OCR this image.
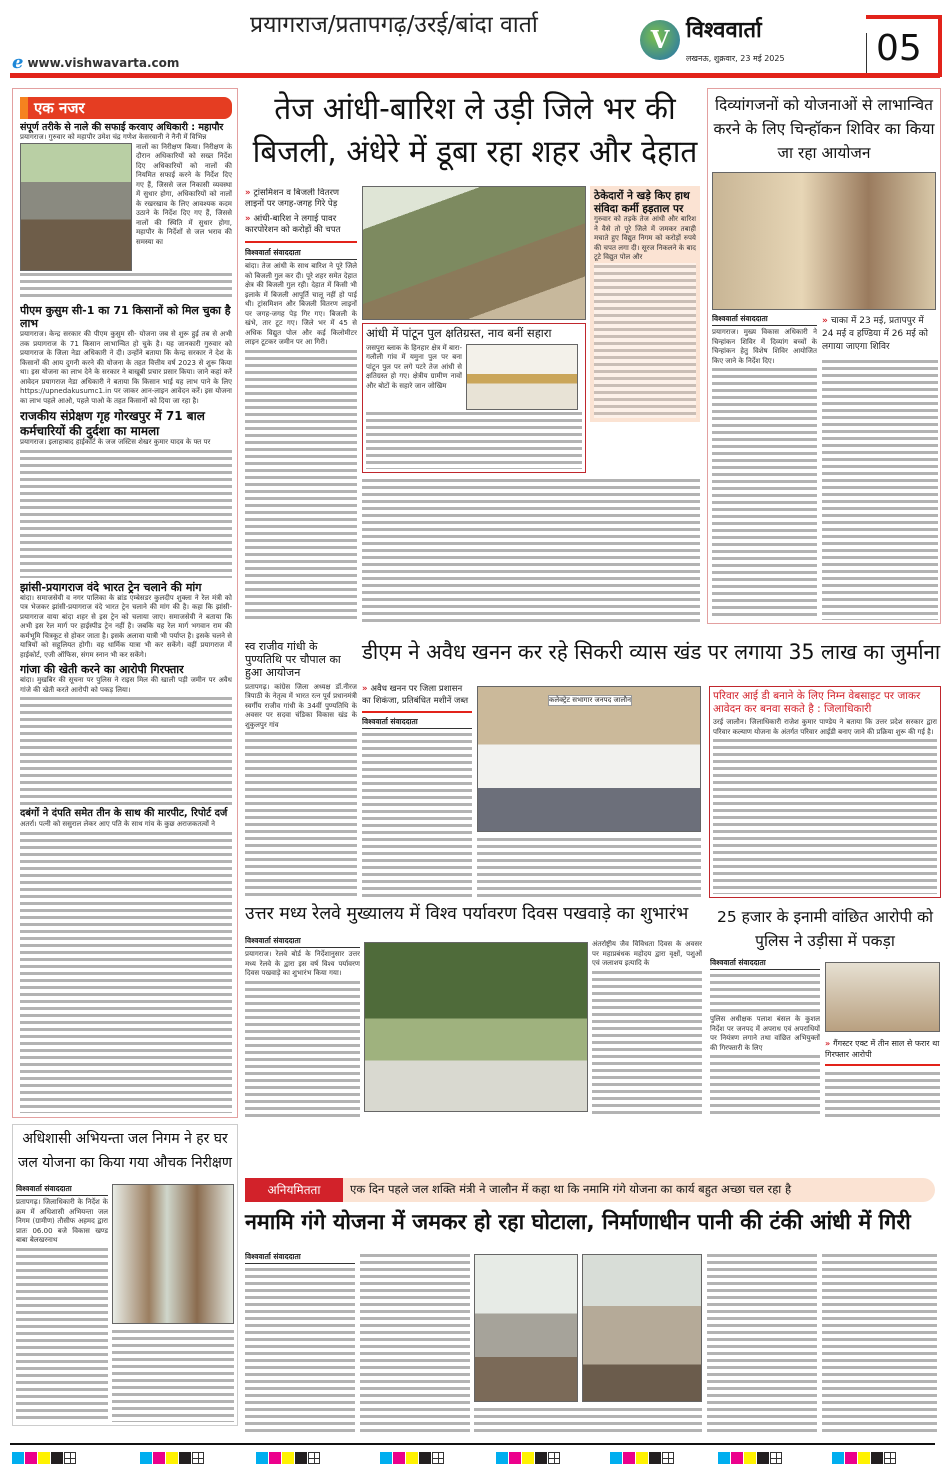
प्रयागराज/प्रतापगढ़/उरई/बांदा वार्ता
e www.vishwavarta.com
V विश्ववार्ता
लखनऊ, शुक्रवार, 23 मई 2025	05
एक नजर
संपूर्ण तरीके से नाले की सफाई करवाए अधिकारी : महापौर
प्रयागराज। गुरुवार को महापौर उमेश चंद्र गणेश केसरवानी ने नैनी में विभिन्न
नालों का निरीक्षण किया। निरीक्षण के दौरान अधिकारियों को सख्त निर्देश दिए अधिकारियों को नालों की नियमित सफाई करने के निर्देश दिए गए हैं, जिससे जल निकासी व्यवस्था में सुधार होगा, अधिकारियों को नालों के रखरखाव के लिए आवश्यक कदम उठाने के निर्देश दिए गए हैं, जिससे नालों की स्थिति में सुधार होगा, महापौर के निर्देशों से जल भराव की समस्या का
पीएम कुसुम सी-1 का 71 किसानों को मिल चुका है लाभ
प्रयागराज। केन्द्र सरकार की पीएम कुसुम सी- योजना जब से शुरू हुई तब से अभी तक प्रयागराज के 71 किसान लाभान्वित हो चुके है। यह जानकारी गुरुवार को प्रयागराज के जिला नेडा अधिकारी ने दी। उन्होंने बताया कि केन्द्र सरकार ने देश के किसानों की आय दुगनी करने की योजना के तहत वित्तीय वर्ष 2023 से शुरू किया था। इस योजना का लाभ देने के सरकार ने बाखूबी प्रचार प्रसार किया। जाने कहां करें आवेदन प्रयागराज नेडा अधिकारी ने बताया कि किसान भाई यह लाभ पाने के लिए https://upnedakusumc1.in पर जाकर आन-लाइन आवेदन करें। इस योजना का लाभ पहले आओ, पहले पाओ के तहत किसानों को दिया जा रहा है।
राजकीय संप्रेक्षण गृह गोरखपुर में 71 बाल कर्मचारियों की दुर्दशा का मामला
प्रयागराज। इलाहाबाद हाईकोर्ट के जज जस्टिस शेखर कुमार यादव के फ्त पर
झांसी-प्रयागराज वंदे भारत ट्रेन चलाने की मांग
बांदा। समाजसेवी व नगर पालिका के ब्रांड एम्बेसडर कुलदीप शुक्ला ने रेल मंत्री को पत्र भेजकर झांसी-प्रयागराज वंदे भारत ट्रेन चलाने की मांग की है। कहा कि झांसी-प्रयागराज वाया बांदा शहर से इस ट्रेन को चलाया जाए। समाजसेवी ने बताया कि अभी इस रेल मार्ग पर हाईस्पीड ट्रेन नहीं है। जबकि यह रेल मार्ग भगवान राम की कर्मभूमि चित्रकूट से होकर जाता है। इसके अलावा यात्री भी पर्याप्त है। इसके चलने से यात्रियों को सहूलियत होगी। वह धार्मिक यात्रा भी कर सकेंगे। वहीं प्रयागराज में हाईकोर्ट, एजी ऑफिस, संगम स्नान भी कर सकेंगे।
गांजा की खेती करने का आरोपी गिरफ्तार
बांदा। मुखबिर की सूचना पर पुलिस ने राइस मिल की खाली पड़ी जमीन पर अवैध गांजे की खेती करते आरोपी को पकड़ लिया।
दबंगों ने दंपति समेत तीन के साथ की मारपीट, रिपोर्ट दर्ज
अतर्रा। पत्नी को ससुराल लेकर आए पति के साथ गांव के कुछ अराजकतत्वों ने
तेज आंधी-बारिश ले उड़ी जिले भर की बिजली, अंधेरे में डूबा रहा शहर और देहात
» ट्रांसमिशन व बिजली वितरण लाइनों पर जगह-जगह गिरे पेड़
» आंधी-बारिश ने लगाई पावर कारपोरेशन को करोड़ों की चपत
विश्ववार्ता संवाददाता
बांदा। तेज आंधी के साथ बारिश ने पूरे जिले को बिजली गुल कर दी। पूरे शहर समेत देहात क्षेत्र की बिजली गुल रही। देहात में किसी भी इलाके में बिजली आपूर्ति चालू नहीं हो पाई थी। ट्रांसमिशन और बिजली वितरण लाइनों पर जगह-जगह पेड़ गिर गए। बिजली के खंभे, तार टूट गए। जिले भर में 45 से अधिक विद्युत पोल और कई किलोमीटर लाइन टूटकर जमीन पर आ गिरी।
ठेकेदारों ने खड़े किए हाथ संविदा कर्मी हड़ताल पर
गुरुवार को तड़के तेज आंधी और बारिश ने वैसे तो पूरे जिले में जमकर तबाही मचाते हुए विद्युत निगम को करोड़ों रुपये की चपत लगा दी। सूरज निकलने के बाद टूटे विद्युत पोल और
आंधी में पांटून पुल क्षतिग्रस्त, नाव बनीं सहारा
जसपुरा ब्लाक के हिनहार क्षेत्र में बारा-गलौली गांव में यमुना पुल पर बना पांटून पुल पर लगे पटरे तेज आंधी से क्षतिग्रस्त हो गए। क्षेत्रीय ग्रामीण नावों और बोटों के सहारे जान जोखिम
दिव्यांगजनों को योजनाओं से लाभान्वित करने के लिए चिन्हॉकन शिविर का किया जा रहा आयोजन
विश्ववार्ता संवाददाता
प्रयागराज। मुख्य विकास अधिकारी ने चिन्हांकन शिविर में दिव्यांग बच्चों के चिन्हांकन हेतु विशेष शिविर आयोजित किए जाने के निर्देश दिए।
» चाका में 23 मई, प्रतापपुर में 24 मई व हण्डिया में 26 मई को लगाया जाएगा शिविर
स्व राजीव गांधी के पुण्यतिथि पर चौपाल का हुआ आयोजन
प्रतापगढ़। कांग्रेस जिला अध्यक्ष डॉ.नीरज त्रिपाठी के नेतृत्व में भारत रत्न पूर्व प्रधानमंत्री स्वर्गीय राजीव गांधी के 34वीं पुण्यतिथि के अवसर पर सदवा चंडिका विकास खंड के शुकुलपुर गांव
डीएम ने अवैध खनन कर रहे सिकरी व्यास खंड पर लगाया 35 लाख का जुर्माना
» अवैध खनन पर जिला प्रशासन का शिकंजा, प्रतिबंधित मशीनें जब्त
विश्ववार्ता संवाददाता
कलेक्ट्रेट सभागार जनपद जालौन	परिवार आई डी बनाने के लिए निम्न वेबसाइट पर जाकर आवेदन कर बनवा सकते है : जिलाधिकारी
उरई जालौन। जिलाधिकारी राजेश कुमार पाण्डेय ने बताया कि उत्तर प्रदेश सरकार द्वारा परिवार कल्याण योजना के अंतर्गत परिवार आईडी बनाए जाने की प्रक्रिया शुरू की गई है।
उत्तर मध्य रेलवे मुख्यालय में विश्व पर्यावरण दिवस पखवाड़े का शुभारंभ
विश्ववार्ता संवाददाता
प्रयागराज। रेलवे बोर्ड के निर्देशानुसार उत्तर मध्य रेलवे के द्वारा इस वर्ष विश्व पर्यावरण दिवस पखवाड़े का शुभारंभ किया गया।
अंतर्राष्ट्रीय जैव विविधता दिवस के अवसर पर महाप्रबंधक महोदय द्वारा वृक्षों, पशुओं एवं जलाशय इत्यादि के
25 हजार के इनामी वांछित आरोपी को पुलिस ने उड़ीसा में पकड़ा
विश्ववार्ता संवाददाता
पुलिस अधीक्षक पलाश बंसल के कुशल निर्देश पर जनपद में अपराध एवं अपराधियों पर नियंत्रण लगाने तथा वांछित अभियुक्तों की गिरफ्तारी के लिए	» गैंगस्टर एक्ट में तीन साल से फरार था गिरफ्तार आरोपी
अधिशासी अभियन्ता जल निगम ने हर घर जल योजना का किया गया औचक निरीक्षण
विश्ववार्ता संवाददाता
प्रतापगढ़। जिलाधिकारी के निर्देश के क्रम में अधिशासी अभियन्ता जल निगम (ग्रामीण) तौसीफ अहमद द्वारा प्रातः 06.00 बजे विकास खण्ड बाबा बेलखरनाथ
अनियमितता	एक दिन पहले जल शक्ति मंत्री ने जालौन में कहा था कि नमामि गंगे योजना का कार्य बहुत अच्छा चल रहा है
नमामि गंगे योजना में जमकर हो रहा घोटाला, निर्माणाधीन पानी की टंकी आंधी में गिरी
विश्ववार्ता संवाददाता
